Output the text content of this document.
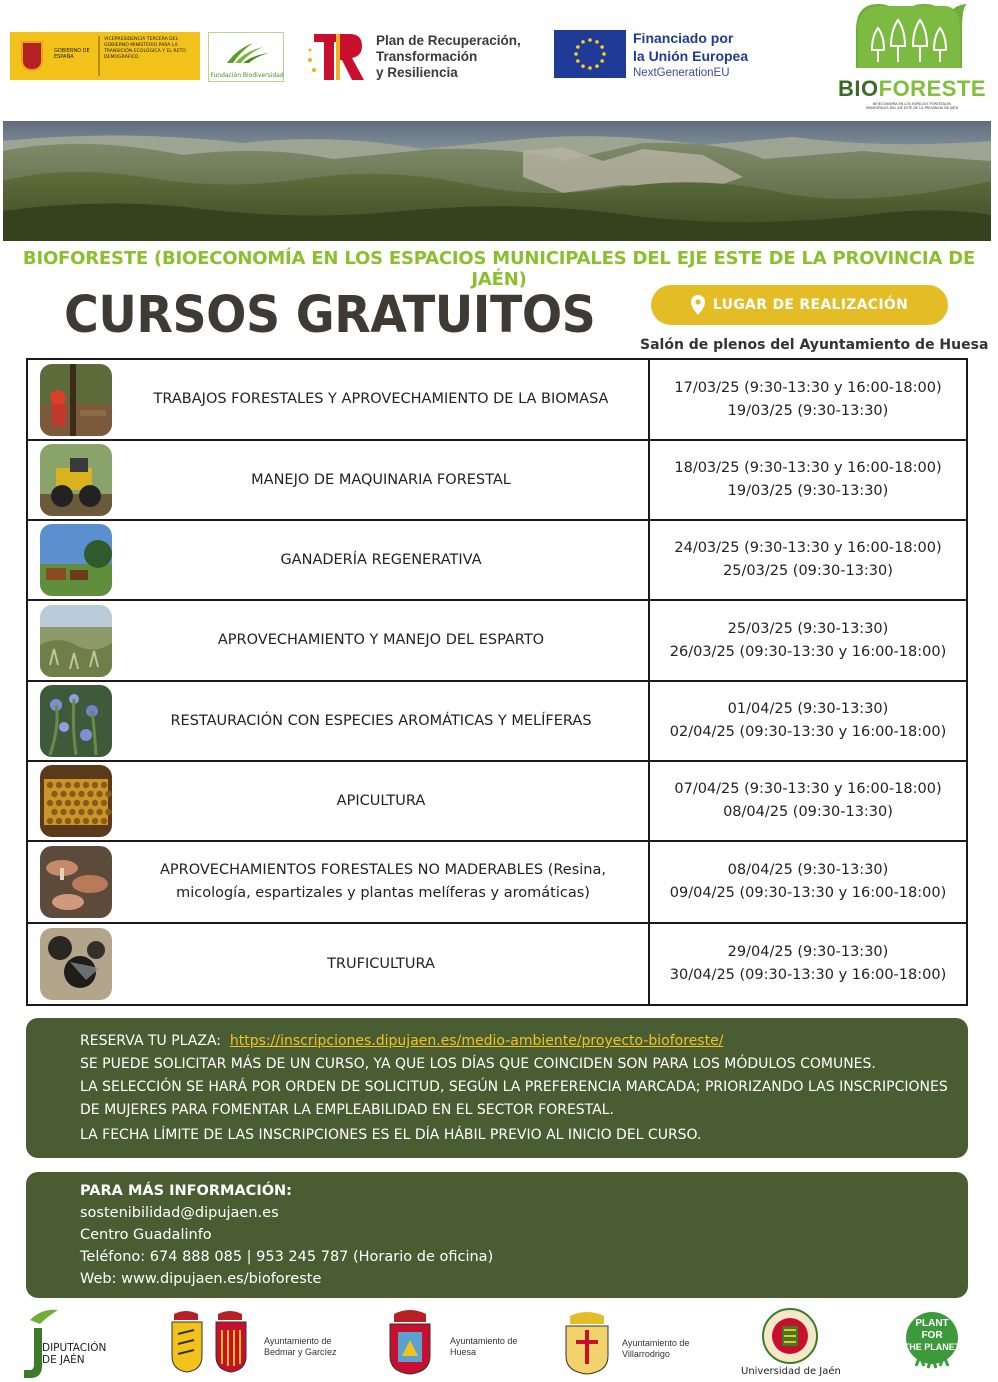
GOBIERNO DE ESPAÑA
VICEPRESIDENCIA TERCERA DEL GOBIERNO MINISTERIO PARA LA TRANSICIÓN ECOLÓGICA Y EL RETO DEMOGRÁFICO
Fundación Biodiversidad
Plan de Recuperación,
Transformación
y Resiliencia
Financiado por
la Unión Europea
NextGenerationEU
BIOFORESTE
BIOECONOMÍA EN LOS ESPACIOS FORESTALES MUNICIPALES DEL EJE ESTE DE LA PROVINCIA DE JAÉN
BIOFORESTE (BIOECONOMÍA EN LOS ESPACIOS MUNICIPALES DEL EJE ESTE DE LA PROVINCIA DE JAÉN)
CURSOS GRATUITOS	LUGAR DE REALIZACIÓN
Salón de plenos del Ayuntamiento de Huesa
TRABAJOS FORESTALES Y APROVECHAMIENTO DE LA BIOMASA
17/03/25 (9:30-13:30 y 16:00-18:00)
19/03/25 (9:30-13:30)
MANEJO DE MAQUINARIA FORESTAL
18/03/25 (9:30-13:30 y 16:00-18:00)
19/03/25 (9:30-13:30)
GANADERÍA REGENERATIVA
24/03/25 (9:30-13:30 y 16:00-18:00)
25/03/25 (09:30-13:30)
APROVECHAMIENTO Y MANEJO DEL ESPARTO
25/03/25 (9:30-13:30)
26/03/25 (09:30-13:30 y 16:00-18:00)
RESTAURACIÓN CON ESPECIES AROMÁTICAS Y MELÍFERAS
01/04/25 (9:30-13:30)
02/04/25 (09:30-13:30 y 16:00-18:00)
APICULTURA
07/04/25 (9:30-13:30 y 16:00-18:00)
08/04/25 (09:30-13:30)
APROVECHAMIENTOS FORESTALES NO MADERABLES (Resina,
micología, espartizales y plantas melíferas y aromáticas)
08/04/25 (9:30-13:30)
09/04/25 (09:30-13:30 y 16:00-18:00)
TRUFICULTURA
29/04/25 (9:30-13:30)
30/04/25 (09:30-13:30 y 16:00-18:00)
RESERVA TU PLAZA: https://inscripciones.dipujaen.es/medio-ambiente/proyecto-bioforeste/
SE PUEDE SOLICITAR MÁS DE UN CURSO, YA QUE LOS DÍAS QUE COINCIDEN SON PARA LOS MÓDULOS COMUNES.
LA SELECCIÓN SE HARÁ POR ORDEN DE SOLICITUD, SEGÚN LA PREFERENCIA MARCADA; PRIORIZANDO LAS INSCRIPCIONES
DE MUJERES PARA FOMENTAR LA EMPLEABILIDAD EN EL SECTOR FORESTAL.
LA FECHA LÍMITE DE LAS INSCRIPCIONES ES EL DÍA HÁBIL PREVIO AL INICIO DEL CURSO.
PARA MÁS INFORMACIÓN:
sostenibilidad@dipujaen.es
Centro Guadalinfo
Teléfono: 674 888 085 | 953 245 787 (Horario de oficina)
Web: www.dipujaen.es/bioforeste
DIPUTACIÓN
DE JAÉN
Ayuntamiento de
Bedmar y Garcíez
Ayuntamiento de
Huesa
Ayuntamiento de
Villarrodrigo
Universidad de Jaén
PLANT
FOR
THE PLANET
